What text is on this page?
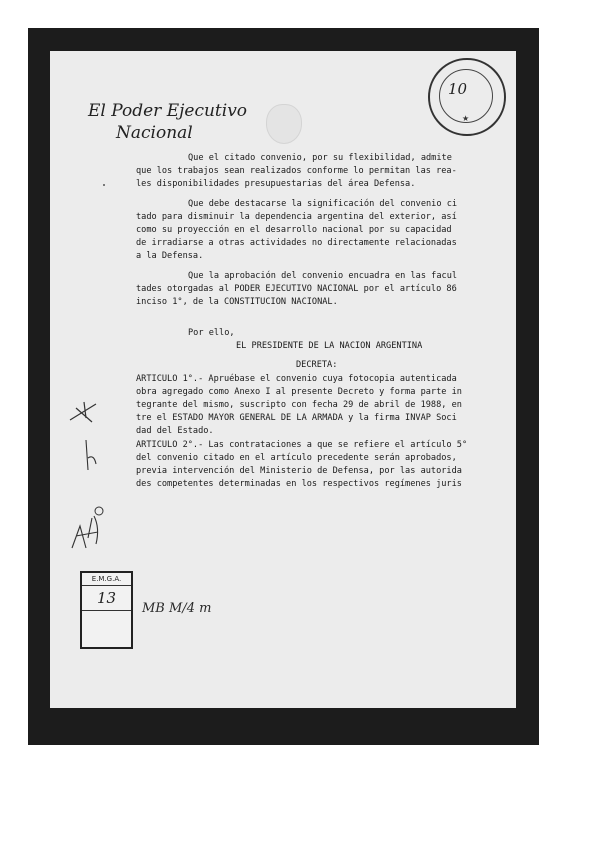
El Poder Ejecutivo
Nacional
10
★
Que el citado convenio, por su flexibilidad, admite
que los trabajos sean realizados conforme lo permitan las rea-
les disponibilidades presupuestarias del área Defensa.
Que debe destacarse la significación del convenio ci
tado para disminuir la dependencia argentina del exterior, así
como su proyección en el desarrollo nacional por su capacidad
de irradiarse a otras actividades no directamente relacionadas
a la Defensa.
Que la aprobación del convenio encuadra en las facul
tades otorgadas al PODER EJECUTIVO NACIONAL por el artículo 86
inciso 1°, de la CONSTITUCION NACIONAL.
Por ello,
EL PRESIDENTE DE LA NACION ARGENTINA
DECRETA:
ARTICULO 1°.- Apruébase el convenio cuya fotocopia autenticada
obra agregado como Anexo I al presente Decreto y forma parte in
tegrante del mismo, suscripto con fecha 29 de abril de 1988, en
tre el ESTADO MAYOR GENERAL DE LA ARMADA y la firma INVAP Soci
dad del Estado.
ARTICULO 2°.- Las contrataciones a que se refiere el artículo 5°
del convenio citado en el artículo precedente serán aprobados,
previa intervención del Ministerio de Defensa, por las autorida
des competentes determinadas en los respectivos regímenes juris
E.M.G.A.
13
MB M/4 m
